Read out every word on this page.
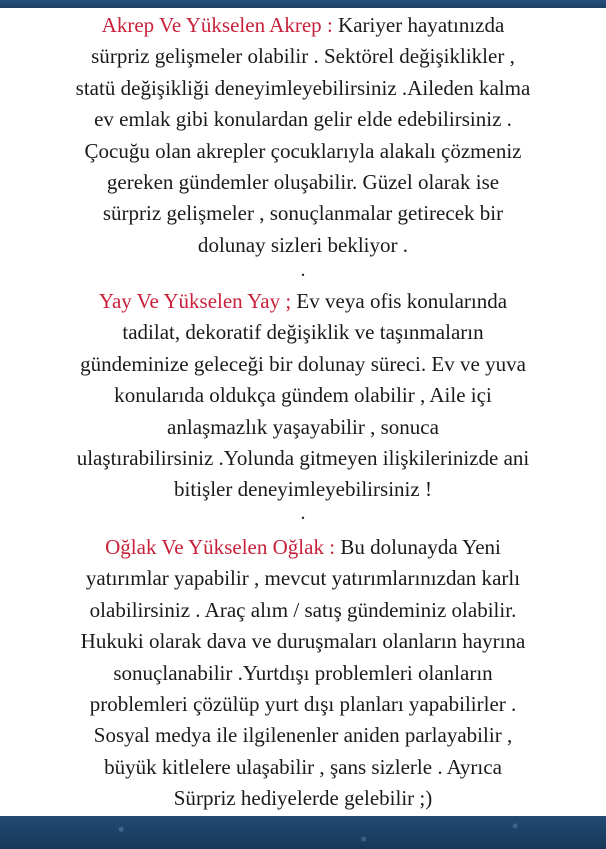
Akrep Ve Yükselen Akrep : Kariyer hayatınızda
sürpriz gelişmeler olabilir . Sektörel değişiklikler ,
statü değişikliği deneyimleyebilirsiniz .Aileden kalma
ev emlak gibi konulardan gelir elde edebilirsiniz .
Çocuğu olan akrepler çocuklarıyla alakalı çözmeniz
gereken gündemler oluşabilir. Güzel olarak ise
sürpriz gelişmeler , sonuçlanmalar getirecek bir
dolunay sizleri bekliyor .
.
Yay Ve Yükselen Yay ; Ev veya ofis konularında
tadilat, dekoratif değişiklik ve taşınmaların
gündeminize geleceği bir dolunay süreci. Ev ve yuva
konularıda oldukça gündem olabilir , Aile içi
anlaşmazlık yaşayabilir , sonuca
ulaştırabilirsiniz .Yolunda gitmeyen ilişkilerinizde ani
bitişler deneyimleyebilirsiniz !
.
Oğlak Ve Yükselen Oğlak : Bu dolunayda Yeni
yatırımlar yapabilir , mevcut yatırımlarınızdan karlı
olabilirsiniz . Araç alım / satış gündeminiz olabilir.
Hukuki olarak dava ve duruşmaları olanların hayrına
sonuçlanabilir .Yurtdışı problemleri olanların
problemleri çözülüp yurt dışı planları yapabilirler .
Sosyal medya ile ilgilenenler aniden parlayabilir ,
büyük kitlelere ulaşabilir , şans sizlerle . Ayrıca
Sürpriz hediyelerde gelebilir ;)
